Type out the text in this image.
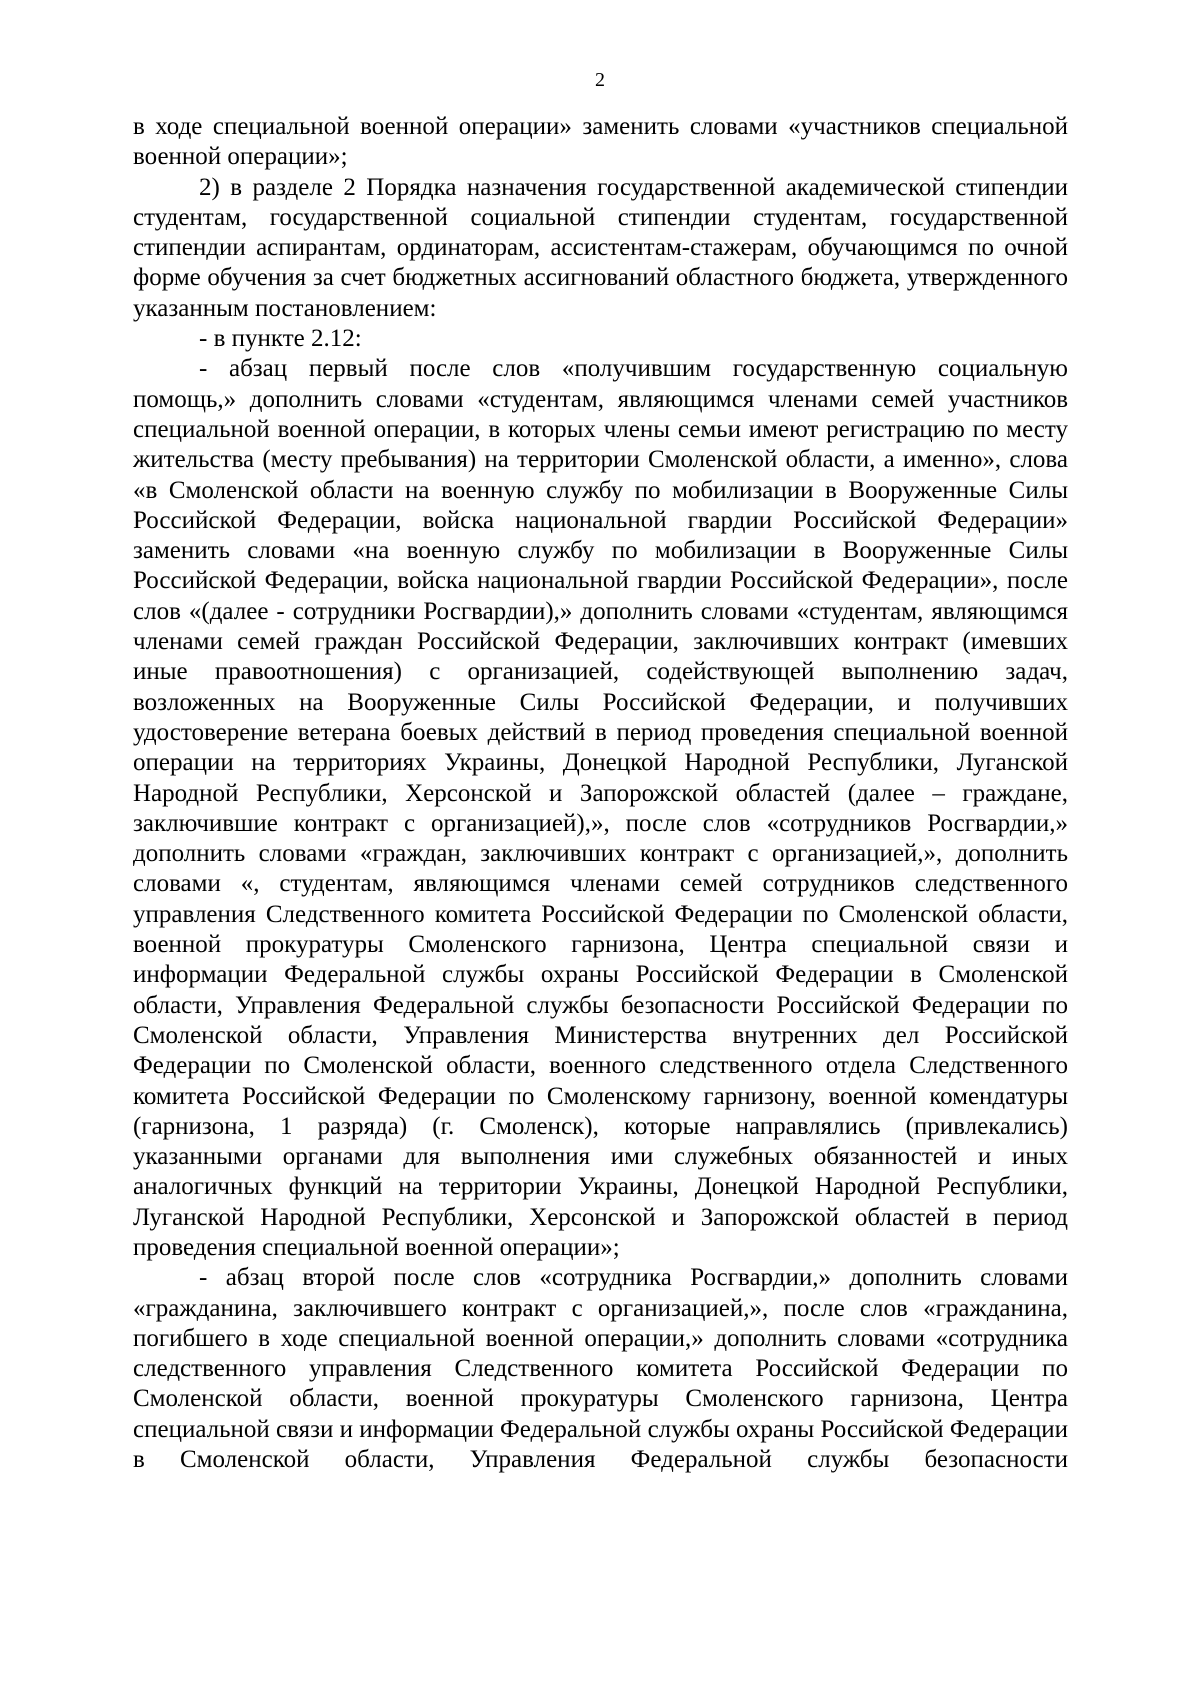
2

в ходе специальной военной операции» заменить словами «участников специальной военной операции»;

2) в разделе 2 Порядка назначения государственной академической стипендии студентам, государственной социальной стипендии студентам, государственной стипендии аспирантам, ординаторам, ассистентам-стажерам, обучающимся по очной форме обучения за счет бюджетных ассигнований областного бюджета, утвержденного указанным постановлением:

- в пункте 2.12:

- абзац первый после слов «получившим государственную социальную помощь,» дополнить словами «студентам, являющимся членами семей участников специальной военной операции, в которых члены семьи имеют регистрацию по месту жительства (месту пребывания) на территории Смоленской области, а именно», слова «в Смоленской области на военную службу по мобилизации в Вооруженные Силы Российской Федерации, войска национальной гвардии Российской Федерации» заменить словами «на военную службу по мобилизации в Вооруженные Силы Российской Федерации, войска национальной гвардии Российской Федерации», после слов «(далее - сотрудники Росгвардии),» дополнить словами «студентам, являющимся членами семей граждан Российской Федерации, заключивших контракт (имевших иные правоотношения) с организацией, содействующей выполнению задач, возложенных на Вооруженные Силы Российской Федерации, и получивших удостоверение ветерана боевых действий в период проведения специальной военной операции на территориях Украины, Донецкой Народной Республики, Луганской Народной Республики, Херсонской и Запорожской областей (далее – граждане, заключившие контракт с организацией),», после слов «сотрудников Росгвардии,» дополнить словами «граждан, заключивших контракт с организацией,», дополнить словами «, студентам, являющимся членами семей сотрудников следственного управления Следственного комитета Российской Федерации по Смоленской области, военной прокуратуры Смоленского гарнизона, Центра специальной связи и информации Федеральной службы охраны Российской Федерации в Смоленской области, Управления Федеральной службы безопасности Российской Федерации по Смоленской области, Управления Министерства внутренних дел Российской Федерации по Смоленской области, военного следственного отдела Следственного комитета Российской Федерации по Смоленскому гарнизону, военной комендатуры (гарнизона, 1 разряда) (г. Смоленск), которые направлялись (привлекались) указанными органами для выполнения ими служебных обязанностей и иных аналогичных функций на территории Украины, Донецкой Народной Республики, Луганской Народной Республики, Херсонской и Запорожской областей в период проведения специальной военной операции»;

- абзац второй после слов «сотрудника Росгвардии,» дополнить словами «гражданина, заключившего контракт с организацией,», после слов «гражданина, погибшего в ходе специальной военной операции,» дополнить словами «сотрудника следственного управления Следственного комитета Российской Федерации по Смоленской области, военной прокуратуры Смоленского гарнизона, Центра специальной связи и информации Федеральной службы охраны Российской Федерации в Смоленской области, Управления Федеральной службы безопасности
